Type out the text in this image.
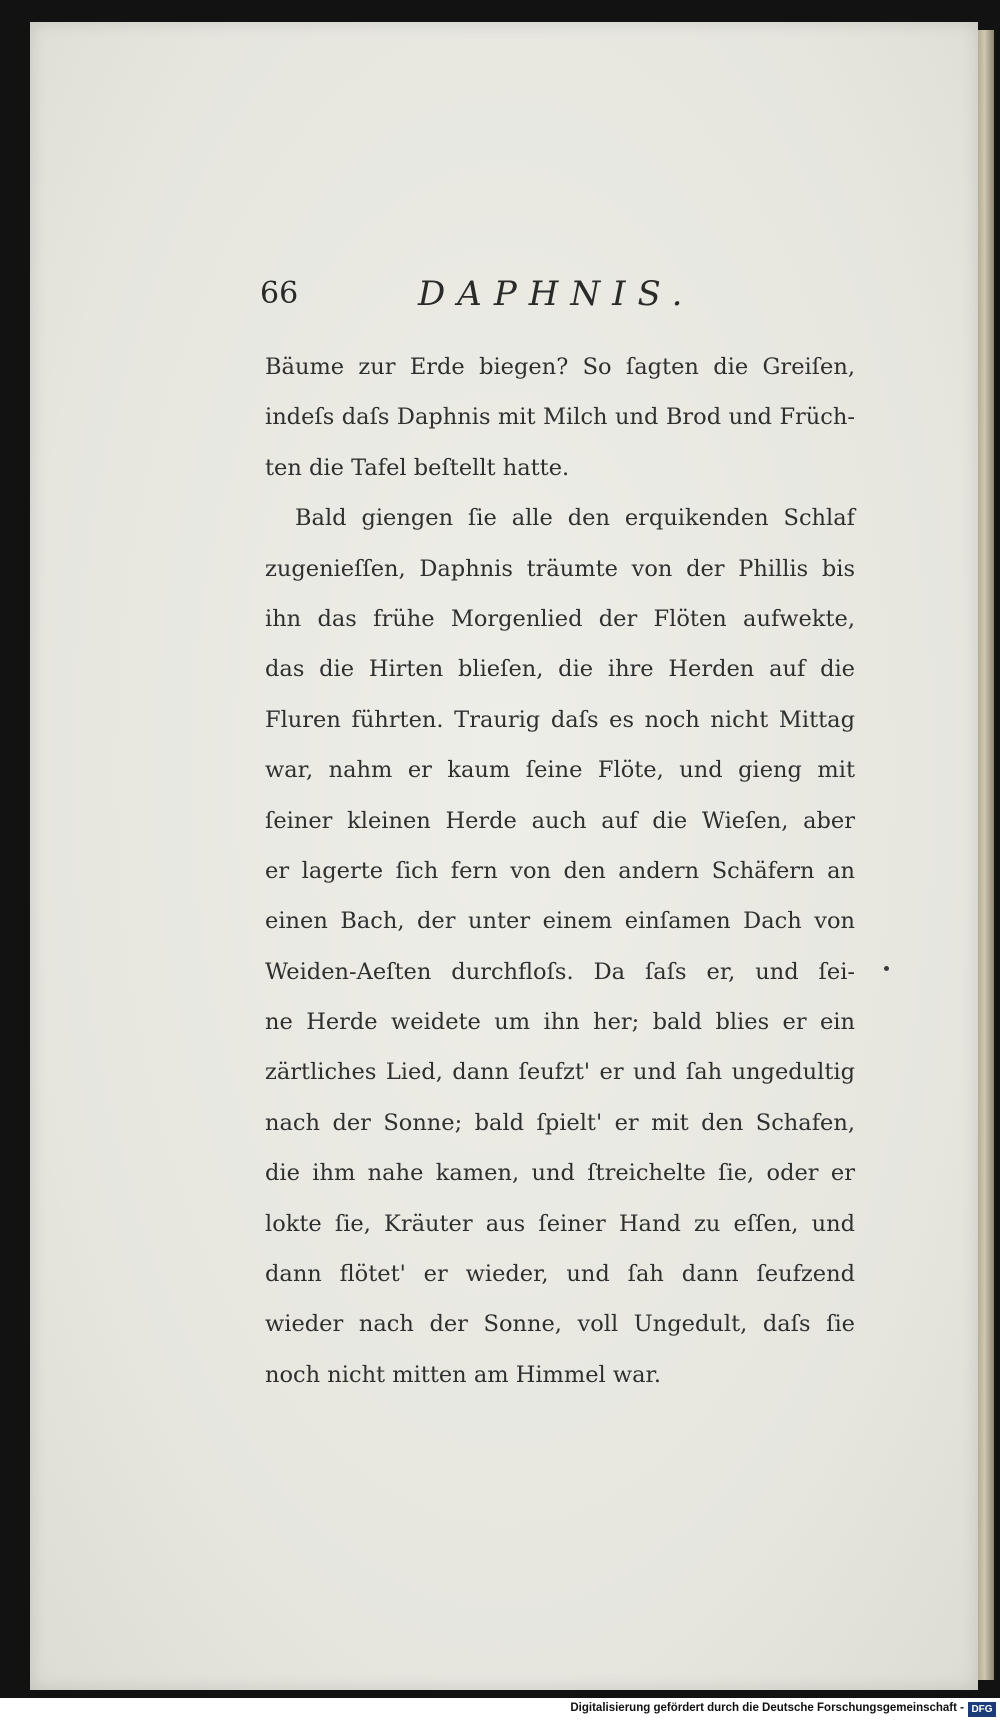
66	DAPHNIS.
Bäume zur Erde biegen? So ſagten die Greiſen,
indeſs daſs Daphnis mit Milch und Brod und Früch-
ten die Tafel beſtellt hatte.
Bald giengen ſie alle den erquikenden Schlaf
zugenieſſen, Daphnis träumte von der Phillis bis
ihn das frühe Morgenlied der Flöten aufwekte,
das die Hirten blieſen, die ihre Herden auf die
Fluren führten. Traurig daſs es noch nicht Mittag
war, nahm er kaum ſeine Flöte, und gieng mit
ſeiner kleinen Herde auch auf die Wieſen, aber
er lagerte ſich fern von den andern Schäfern an
einen Bach, der unter einem einſamen Dach von
Weiden-Aeſten durchfloſs. Da ſaſs er, und ſei-
ne Herde weidete um ihn her; bald blies er ein
zärtliches Lied, dann ſeufzt' er und ſah ungedultig
nach der Sonne; bald ſpielt' er mit den Schafen,
die ihm nahe kamen, und ſtreichelte ſie, oder er
lokte ſie, Kräuter aus ſeiner Hand zu eſſen, und
dann flötet' er wieder, und ſah dann ſeufzend
wieder nach der Sonne, voll Ungedult, daſs ſie
noch nicht mitten am Himmel war.
Digitalisierung gefördert durch die Deutsche Forschungsgemeinschaft - DFG
